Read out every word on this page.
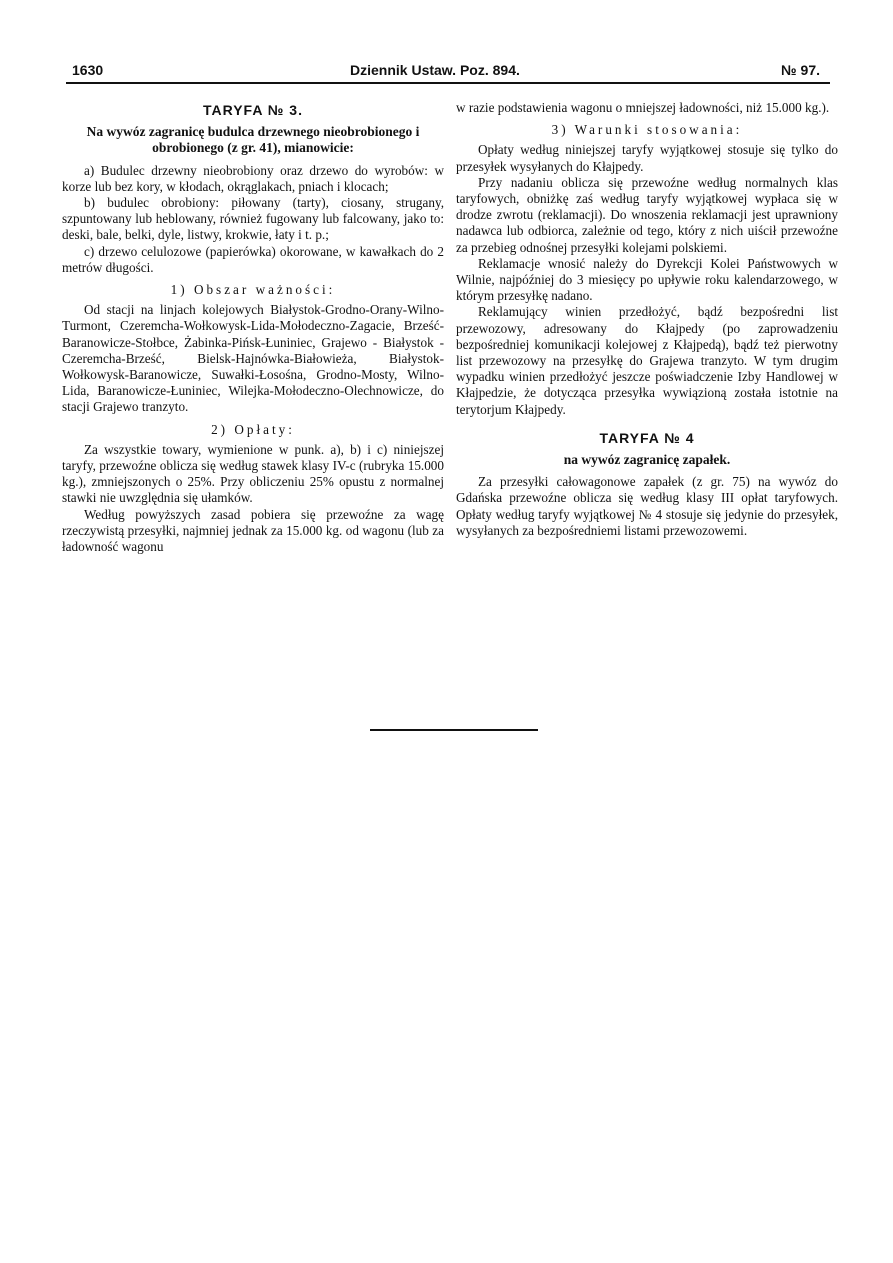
1630	Dziennik Ustaw. Poz. 894.	№ 97.
TARYFA № 3.
Na wywóz zagranicę budulca drzewnego nieobrobionego i obrobionego (z gr. 41), mianowicie:

a) Budulec drzewny nieobrobiony oraz drzewo do wyrobów: w korze lub bez kory, w kłodach, okrąglakach, pniach i klocach;

b) budulec obrobiony: piłowany (tarty), ciosany, strugany, szpuntowany lub heblowany, również fugowany lub falcowany, jako to: deski, bale, belki, dyle, listwy, krokwie, łaty i t. p.;

c) drzewo celulozowe (papierówka) okorowane, w kawałkach do 2 metrów długości.

1) Obszar ważności:

Od stacji na linjach kolejowych Białystok-Grodno-Orany-Wilno-Turmont, Czeremcha-Wołkowysk-Lida-Mołodeczno-Zagacie, Brześć-Baranowicze-Stołbce, Żabinka-Pińsk-Łuniniec, Grajewo - Białystok - Czeremcha-Brześć, Bielsk-Hajnówka-Białowieża, Białystok-Wołkowysk-Baranowicze, Suwałki-Łosośna, Grodno-Mosty, Wilno-Lida, Baranowicze-Łuniniec, Wilejka-Mołodeczno-Olechnowicze, do stacji Grajewo tranzyto.

2) Opłaty:

Za wszystkie towary, wymienione w punk. a), b) i c) niniejszej taryfy, przewoźne oblicza się według stawek klasy IV-c (rubryka 15.000 kg.), zmniejszonych o 25%. Przy obliczeniu 25% opustu z normalnej stawki nie uwzględnia się ułamków.

Według powyższych zasad pobiera się przewoźne za wagę rzeczywistą przesyłki, najmniej jednak za 15.000 kg. od wagonu (lub za ładowność wagonu

w razie podstawienia wagonu o mniejszej ładowności, niż 15.000 kg.).

3) Warunki stosowania:

Opłaty według niniejszej taryfy wyjątkowej stosuje się tylko do przesyłek wysyłanych do Kłajpedy.

Przy nadaniu oblicza się przewoźne według normalnych klas taryfowych, obniżkę zaś według taryfy wyjątkowej wypłaca się w drodze zwrotu (reklamacji). Do wnoszenia reklamacji jest uprawniony nadawca lub odbiorca, zależnie od tego, który z nich uiścił przewoźne za przebieg odnośnej przesyłki kolejami polskiemi.

Reklamacje wnosić należy do Dyrekcji Kolei Państwowych w Wilnie, najpóźniej do 3 miesięcy po upływie roku kalendarzowego, w którym przesyłkę nadano.

Reklamujący winien przedłożyć, bądź bezpośredni list przewozowy, adresowany do Kłajpedy (po zaprowadzeniu bezpośredniej komunikacji kolejowej z Kłajpedą), bądź też pierwotny list przewozowy na przesyłkę do Grajewa tranzyto. W tym drugim wypadku winien przedłożyć jeszcze poświadczenie Izby Handlowej w Kłajpedzie, że dotycząca przesyłka wywiązioną została istotnie na terytorjum Kłajpedy.

TARYFA № 4
na wywóz zagranicę zapałek.

Za przesyłki całowagonowe zapałek (z gr. 75) na wywóz do Gdańska przewoźne oblicza się według klasy III opłat taryfowych. Opłaty według taryfy wyjątkowej № 4 stosuje się jedynie do przesyłek, wysyłanych za bezpośredniemi listami przewozowemi.
